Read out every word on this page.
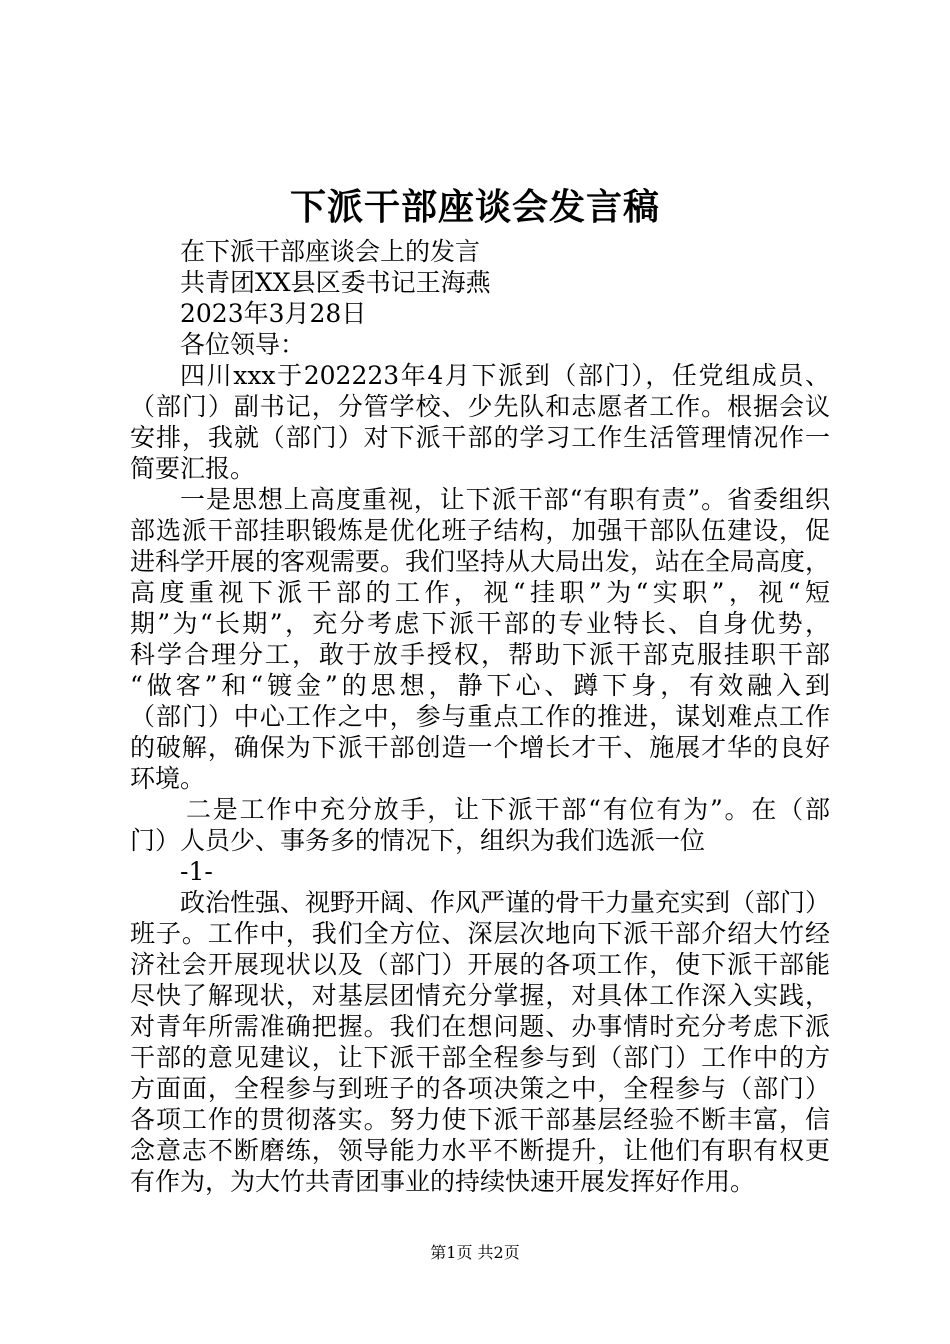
下派干部座谈会发言稿
在下派干部座谈会上的发言
共青团XX县区委书记王海燕
2023年3月28日
各位领导：
四川xxx于202223年4月下派到（部门），任党组成员、
（部门）副书记，分管学校、少先队和志愿者工作。根据会议
安排，我就（部门）对下派干部的学习工作生活管理情况作一
简要汇报。
一是思想上高度重视，让下派干部“有职有责”。省委组织
部选派干部挂职锻炼是优化班子结构，加强干部队伍建设，促
进科学开展的客观需要。我们坚持从大局出发，站在全局高度，
高度重视下派干部的工作，视“挂职”为“实职”，视“短
期”为“长期”，充分考虑下派干部的专业特长、自身优势，
科学合理分工，敢于放手授权，帮助下派干部克服挂职干部
“做客”和“镀金”的思想，静下心、蹲下身，有效融入到
（部门）中心工作之中，参与重点工作的推进，谋划难点工作
的破解，确保为下派干部创造一个增长才干、施展才华的良好
环境。
二是工作中充分放手，让下派干部“有位有为”。在（部
门）人员少、事务多的情况下，组织为我们选派一位
-1-
政治性强、视野开阔、作风严谨的骨干力量充实到（部门）
班子。工作中，我们全方位、深层次地向下派干部介绍大竹经
济社会开展现状以及（部门）开展的各项工作，使下派干部能
尽快了解现状，对基层团情充分掌握，对具体工作深入实践，
对青年所需准确把握。我们在想问题、办事情时充分考虑下派
干部的意见建议，让下派干部全程参与到（部门）工作中的方
方面面，全程参与到班子的各项决策之中，全程参与（部门）
各项工作的贯彻落实。努力使下派干部基层经验不断丰富，信
念意志不断磨练，领导能力水平不断提升，让他们有职有权更
有作为，为大竹共青团事业的持续快速开展发挥好作用。
第1页 共2页
